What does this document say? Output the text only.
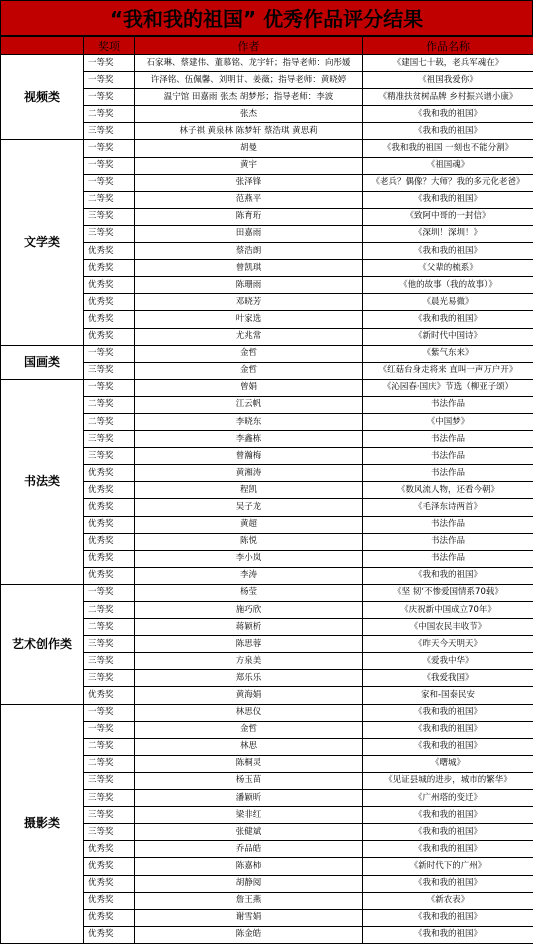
“我和我的祖国” 优秀作品评分结果
	奖项	作者	作品名称
视频类	一等奖	石家琳、蔡建伟、董慕铭、龙宇轩；指导老师：向彤媛	《建国七十载，老兵军魂在》
	一等奖	许泽铭、伍佩馨、刘明甘、姜薇；指导老师：黄晓婷	《祖国我爱你》
	一等奖	温宁馆 田嘉雨 张杰 胡梦彤；指导老师：李波	《精准扶贫树品牌 乡村振兴谱小康》
	二等奖	张杰	《我和我的祖国》
	三等奖	林子祺 黄泉林 陈梦轩 蔡浩琪 黄思莉	《我和我的祖国》
文学类	一等奖	胡曼	《我和我的祖国 一刻也不能分割》
	一等奖	黄宇	《祖国魂》
	一等奖	张泽锋	《老兵？偶像？大师？我的多元化老爸》
	二等奖	范燕平	《我和我的祖国》
	三等奖	陈育珩	《致阿中哥的一封信》
	三等奖	田嘉雨	《深圳！深圳！》
	优秀奖	蔡浩朗	《我和我的祖国》
	优秀奖	曾凯琪	《父辈的梳系》
	优秀奖	陈珊雨	《他的故事（我的故事）》
	优秀奖	邓晓芳	《晨光易微》
	优秀奖	叶家选	《我和我的祖国》
	优秀奖	尤兆常	《新时代中国诗》
国画类	一等奖	金哲	《紫气东来》
	三等奖	金哲	《红菇台身走将来 直叫一声万户开》
书法类	一等奖	曾娟	《沁园春·国庆》节选（柳亚子颂）
	二等奖	江云帆	书法作品
	二等奖	李晓东	《中国梦》
	三等奖	李鑫栋	书法作品
	三等奖	曾瀚梅	书法作品
	优秀奖	黄湘涛	书法作品
	优秀奖	程凯	《数风流人物，还看今朝》
	优秀奖	吴子龙	《毛泽东诗两首》
	优秀奖	黄超	书法作品
	优秀奖	陈悦	书法作品
	优秀奖	李小岚	书法作品
	优秀奖	李涛	《我和我的祖国》
艺术创作类	一等奖	杨莹	《坚 韧‘不惨爱国情系70载》
	二等奖	施巧欣	《庆祝新中国成立70年》
	二等奖	蒋颖析	《中国农民丰收节》
	三等奖	陈思蓉	《昨天今天明天》
	三等奖	方泉美	《爱我中华》
	三等奖	郑乐乐	《我爱我国》
	优秀奖	黄海娟	家和-国泰民安
摄影类	一等奖	林思仪	《我和我的祖国》
	一等奖	金哲	《我和我的祖国》
	二等奖	林思	《我和我的祖国》
	二等奖	陈桐灵	《曙城》
	三等奖	杨玉苗	《见证县城的进步，城市的繁华》
	三等奖	潘颖昕	《广州塔的变迁》
	三等奖	梁非红	《我和我的祖国》
	三等奖	张健斌	《我和我的祖国》
	优秀奖	乔品皓	《我和我的祖国》
	优秀奖	陈嘉柿	《新时代下的广州》
	优秀奖	胡静阅	《我和我的祖国》
	优秀奖	詹王燕	《新农表》
	优秀奖	谢雪娟	《我和我的祖国》
	优秀奖	陈金皓	《我和我的祖国》
